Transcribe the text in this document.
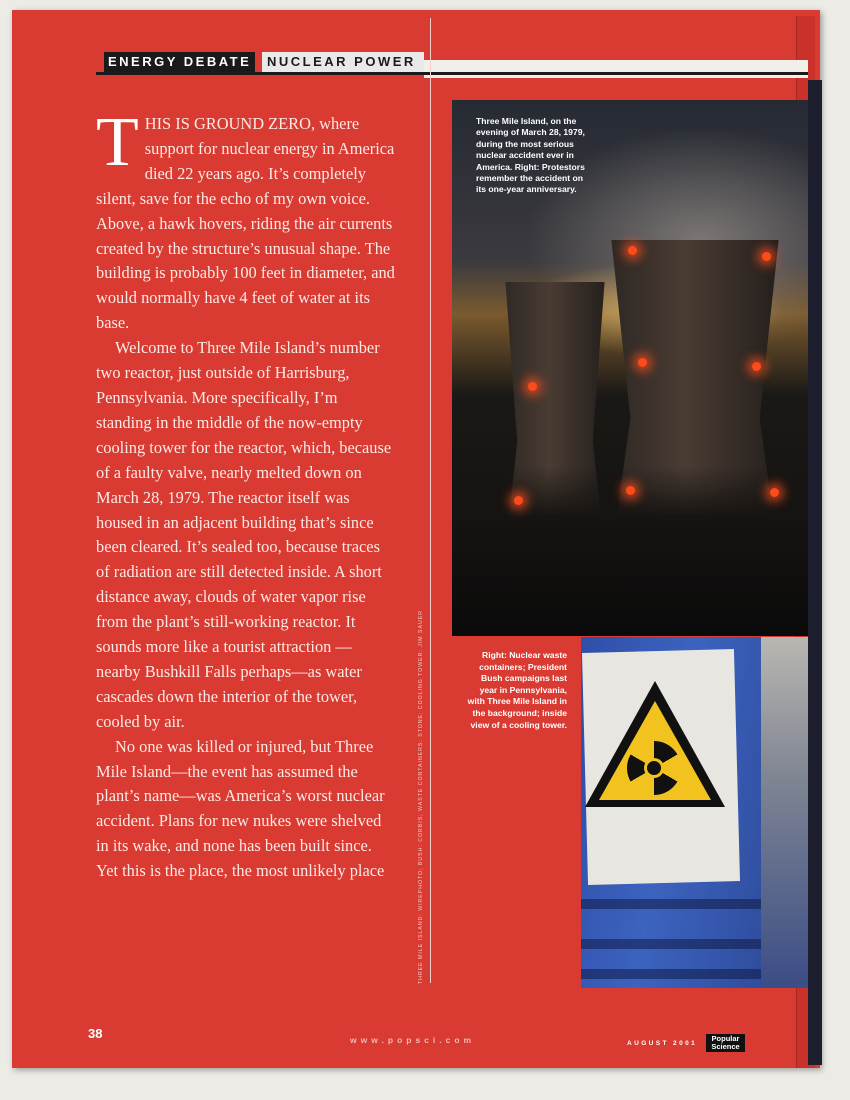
ENERGY DEBATE	NUCLEAR POWER

THIS IS GROUND ZERO, where support for nuclear energy in America died 22 years ago. It’s completely silent, save for the echo of my own voice. Above, a hawk hovers, riding the air currents created by the structure’s unusual shape. The building is probably 100 feet in diameter, and would normally have 4 feet of water at its base.

Welcome to Three Mile Island’s number two reactor, just outside of Harrisburg, Pennsylvania. More specifically, I’m standing in the middle of the now-empty cooling tower for the reactor, which, because of a faulty valve, nearly melted down on March 28, 1979. The reactor itself was housed in an adjacent building that’s since been cleared. It’s sealed too, because traces of radiation are still detected inside. A short distance away, clouds of water vapor rise from the plant’s still-working reactor. It sounds more like a tourist attraction —nearby Bushkill Falls perhaps—as water cascades down the interior of the tower, cooled by air.

No one was killed or injured, but Three Mile Island—the event has assumed the plant’s name—was America’s worst nuclear accident. Plans for new nukes were shelved in its wake, and none has been built since. Yet this is the place, the most unlikely place

Three Mile Island, on the evening of March 28, 1979, during the most serious nuclear accident ever in America. Right: Protestors remember the accident on its one-year anniversary.
Right: Nuclear waste containers; President Bush campaigns last year in Pennsylvania, with Three Mile Island in the background; inside view of a cooling tower.
THREE MILE ISLAND: WIREPHOTO; BUSH: CORBIS; WASTE CONTAINERS: STONE; COOLING TOWER: JIM SAUER
38	www.popsci.com	AUGUST 2001
Popular
Science
